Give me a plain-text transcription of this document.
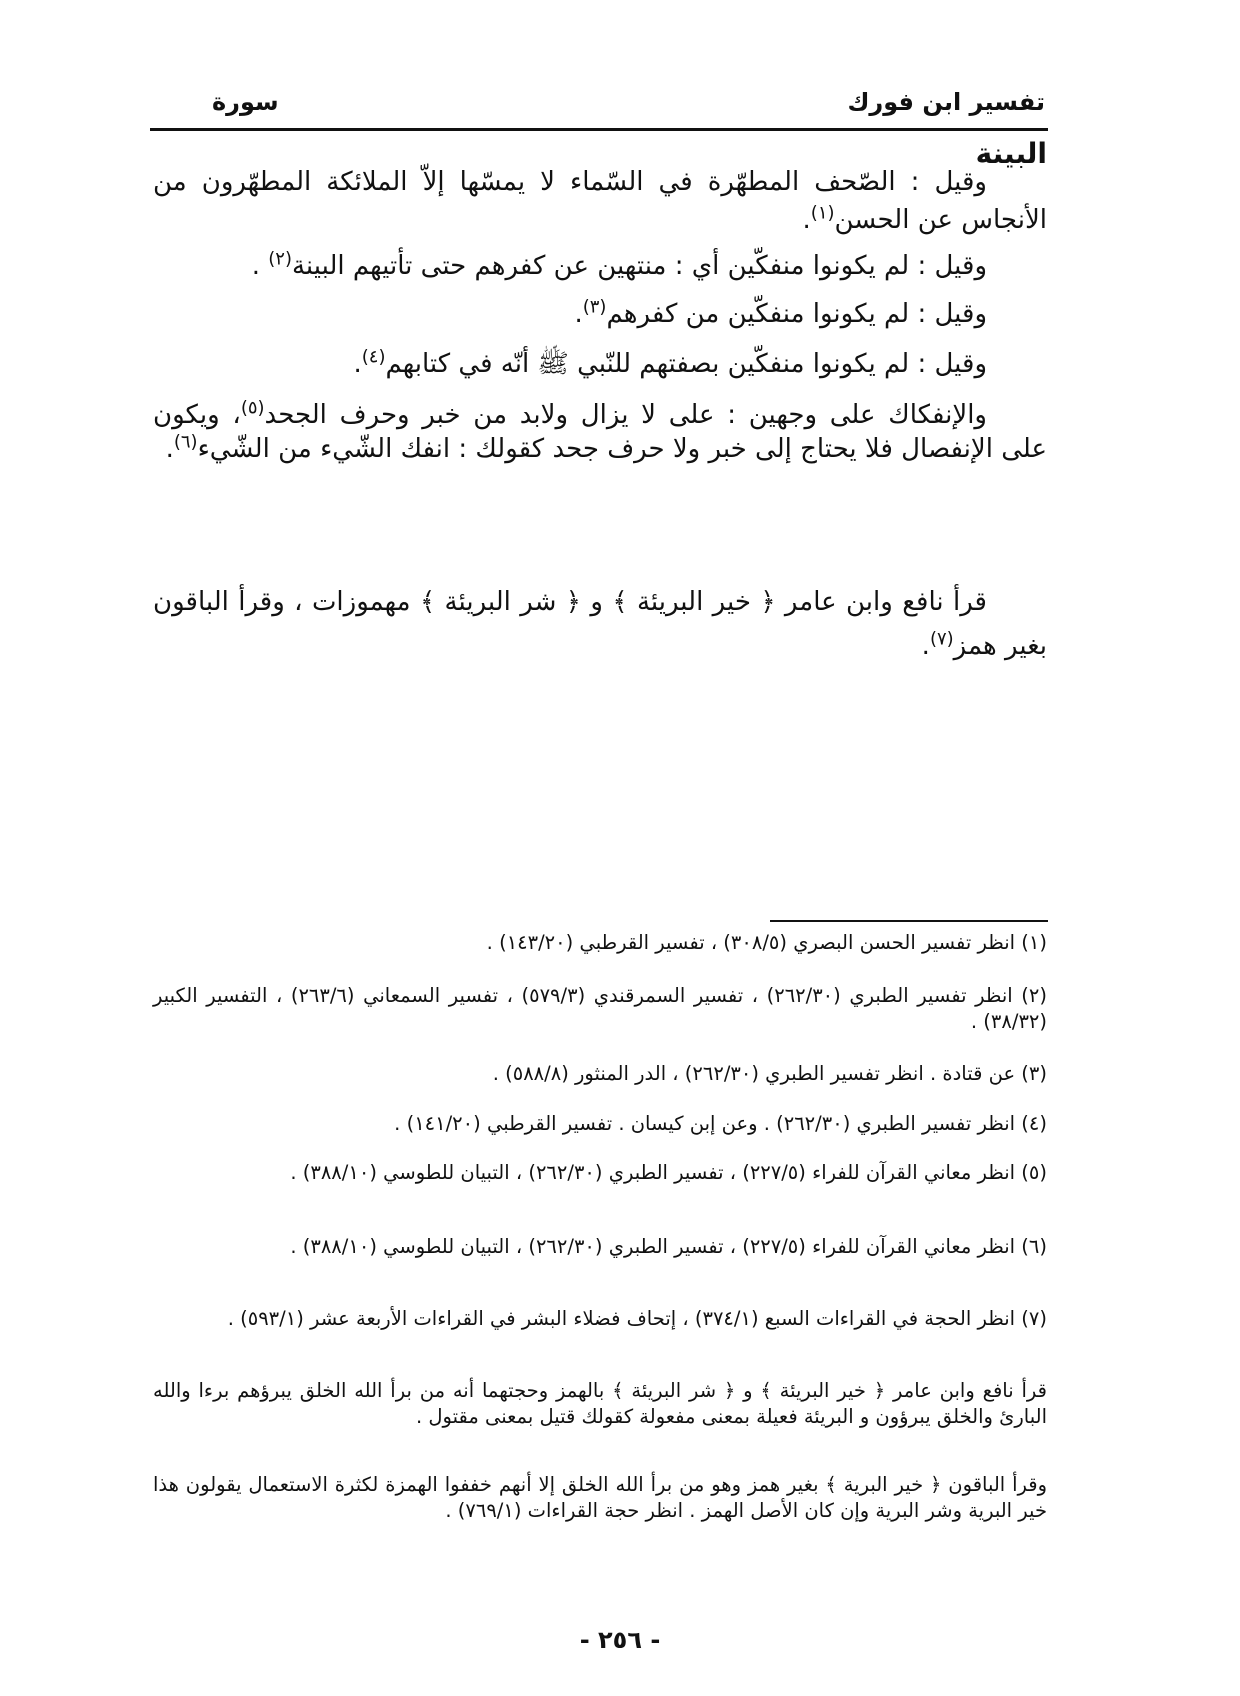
تفسير ابن فورك
سورة
البينة

وقيل : الصّحف المطهّرة في السّماء لا يمسّها إلاّ الملائكة المطهّرون من الأنجاس عن الحسن$^{(١)}$.

وقيل : لم يكونوا منفكّين أي : منتهين عن كفرهم حتى تأتيهم البينة$^{(٢)}$ .

وقيل : لم يكونوا منفكّين من كفرهم$^{(٣)}$.

وقيل : لم يكونوا منفكّين بصفتهم للنّبي ﷺ أنّه في كتابهم$^{(٤)}$.

والإنفكاك على وجهين : على لا يزال ولابد من خبر وحرف الجحد$^{(٥)}$، ويكون على الإنفصال فلا يحتاج إلى خبر ولا حرف جحد كقولك : انفك الشّيء من الشّيء$^{(٦)}$.

قرأ نافع وابن عامر ﴿ خير البريئة ﴾ و ﴿ شر البريئة ﴾ مهموزات ، وقرأ الباقون بغير همز$^{(٧)}$.

(١) انظر تفسير الحسن البصري (٣٠٨/٥) ، تفسير القرطبي (١٤٣/٢٠) .

(٢) انظر تفسير الطبري (٢٦٢/٣٠) ، تفسير السمرقندي (٥٧٩/٣) ، تفسير السمعاني (٢٦٣/٦) ، التفسير الكبير (٣٨/٣٢) .

(٣) عن قتادة . انظر تفسير الطبري (٢٦٢/٣٠) ، الدر المنثور (٥٨٨/٨) .

(٤) انظر تفسير الطبري (٢٦٢/٣٠) . وعن إبن كيسان . تفسير القرطبي (١٤١/٢٠) .

(٥) انظر معاني القرآن للفراء (٢٢٧/٥) ، تفسير الطبري (٢٦٢/٣٠) ، التبيان للطوسي (٣٨٨/١٠) .

(٦) انظر معاني القرآن للفراء (٢٢٧/٥) ، تفسير الطبري (٢٦٢/٣٠) ، التبيان للطوسي (٣٨٨/١٠) .

(٧) انظر الحجة في القراءات السبع (٣٧٤/١) ، إتحاف فضلاء البشر في القراءات الأربعة عشر (٥٩٣/١) .

قرأ نافع وابن عامر ﴿ خير البريئة ﴾ و ﴿ شر البريئة ﴾ بالهمز وحجتهما أنه من برأ الله الخلق يبرؤهم برءا والله البارئ والخلق يبرؤون و البريئة فعيلة بمعنى مفعولة كقولك قتيل بمعنى مقتول .

وقرأ الباقون ﴿ خير البرية ﴾ بغير همز وهو من برأ الله الخلق إلا أنهم خففوا الهمزة لكثرة الاستعمال يقولون هذا خير البرية وشر البرية وإن كان الأصل الهمز . انظر حجة القراءات (٧٦٩/١) .

- ٢٥٦ -
